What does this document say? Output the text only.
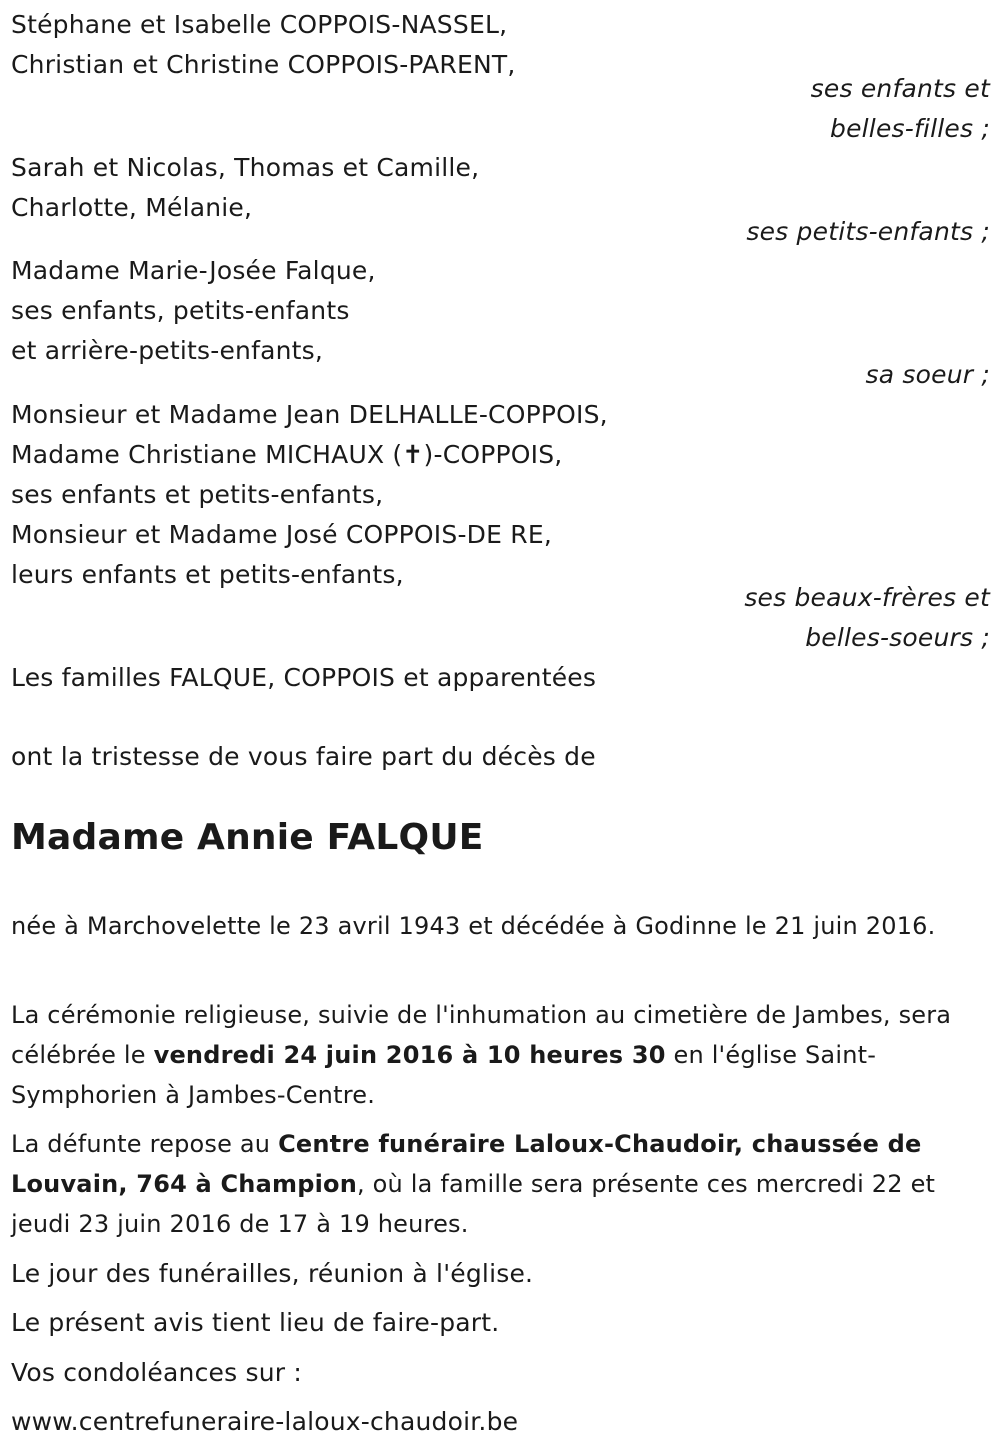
Stéphane et Isabelle COPPOIS-NASSEL,
Christian et Christine COPPOIS-PARENT,
ses enfants et
belles-filles ;
Sarah et Nicolas, Thomas et Camille,
Charlotte, Mélanie,
ses petits-enfants ;
Madame Marie-Josée Falque,
ses enfants, petits-enfants
et arrière-petits-enfants,
sa soeur ;
Monsieur et Madame Jean DELHALLE-COPPOIS,
Madame Christiane MICHAUX (✝)-COPPOIS,
ses enfants et petits-enfants,
Monsieur et Madame José COPPOIS-DE RE,
leurs enfants et petits-enfants,
ses beaux-frères et
belles-soeurs ;
Les familles FALQUE, COPPOIS et apparentées
ont la tristesse de vous faire part du décès de
Madame Annie FALQUE
née à Marchovelette le 23 avril 1943 et décédée à Godinne le 21 juin 2016.
La cérémonie religieuse, suivie de l'inhumation au cimetière de Jambes, sera célébrée le vendredi 24 juin 2016 à 10 heures 30 en l'église Saint-Symphorien à Jambes-Centre.
La défunte repose au Centre funéraire Laloux-Chaudoir, chaussée de Louvain, 764 à Champion, où la famille sera présente ces mercredi 22 et jeudi 23 juin 2016 de 17 à 19 heures.
Le jour des funérailles, réunion à l'église.
Le présent avis tient lieu de faire-part.
Vos condoléances sur :
www.centrefuneraire-laloux-chaudoir.be
